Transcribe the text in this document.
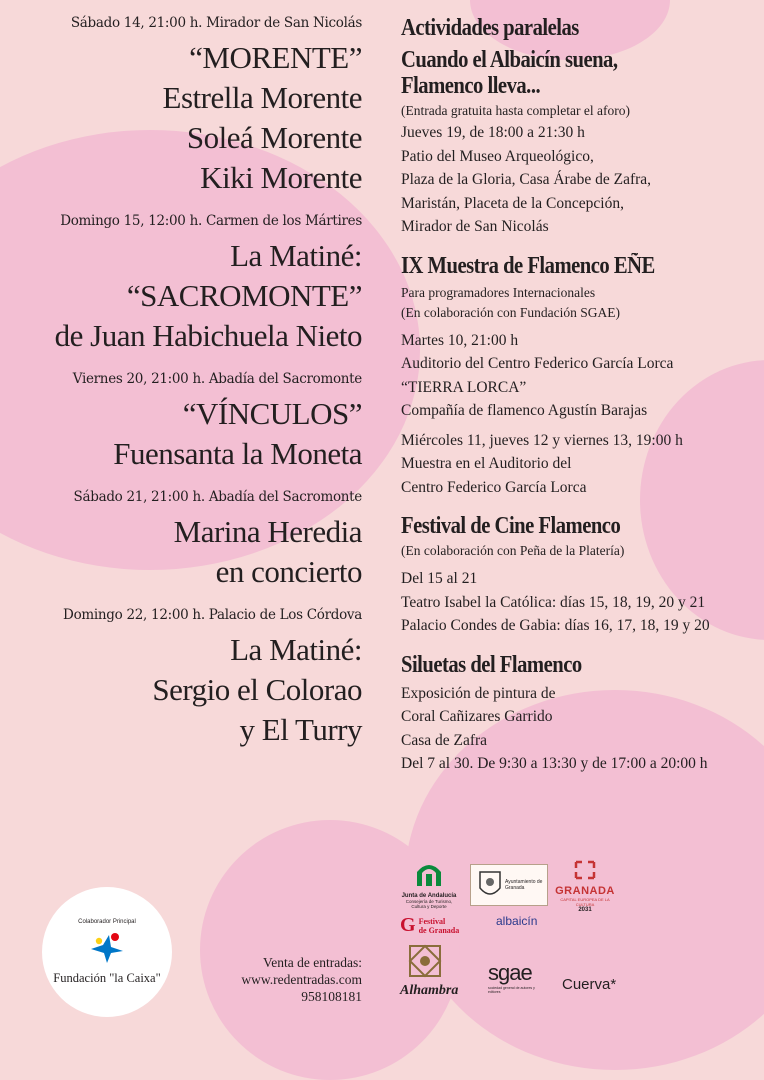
Sábado 14, 21:00 h. Mirador de San Nicolás
“MORENTE”
Estrella Morente
Soleá Morente
Kiki Morente
Domingo 15, 12:00 h. Carmen de los Mártires
La Matiné:
“SACROMONTE”
de Juan Habichuela Nieto
Viernes 20, 21:00 h. Abadía del Sacromonte
“VÍNCULOS”
Fuensanta la Moneta
Sábado 21, 21:00 h. Abadía del Sacromonte
Marina Heredia
en concierto
Domingo 22, 12:00 h. Palacio de Los Córdova
La Matiné:
Sergio el Colorao
y El Turry
Actividades paralelas
Cuando el Albaicín suena,
Flamenco lleva...
(Entrada gratuita hasta completar el aforo)
Jueves 19, de 18:00 a 21:30 h
Patio del Museo Arqueológico,
Plaza de la Gloria, Casa Árabe de Zafra,
Maristán, Placeta de la Concepción,
Mirador de San Nicolás
IX Muestra de Flamenco EÑE
Para programadores Internacionales
(En colaboración con Fundación SGAE)
Martes 10, 21:00 h
Auditorio del Centro Federico García Lorca
“TIERRA LORCA”
Compañía de flamenco Agustín Barajas
Miércoles 11, jueves 12 y viernes 13, 19:00 h
Muestra en el Auditorio del
Centro Federico García Lorca
Festival de Cine Flamenco
(En colaboración con Peña de la Platería)
Del 15 al 21
Teatro Isabel la Católica: días 15, 18, 19, 20 y 21
Palacio Condes de Gabia: días 16, 17, 18, 19 y 20
Siluetas del Flamenco
Exposición de pintura de
Coral Cañizares Garrido
Casa de Zafra
Del 7 al 30. De 9:30 a 13:30 y de 17:00 a 20:00 h
Colaborador Principal
Fundación "la Caixa"
Venta de entradas:
www.redentradas.com
958108181
Junta de Andalucía
Consejería de Turismo, Cultura y Deporte
Ayuntamiento de Granada	GRANADA
CAPITAL EUROPEA DE LA CULTURA
2031
G Festival
de Granada
albaicín
Alhambra
sgae
sociedad general de autores y editores	Cuerva*
